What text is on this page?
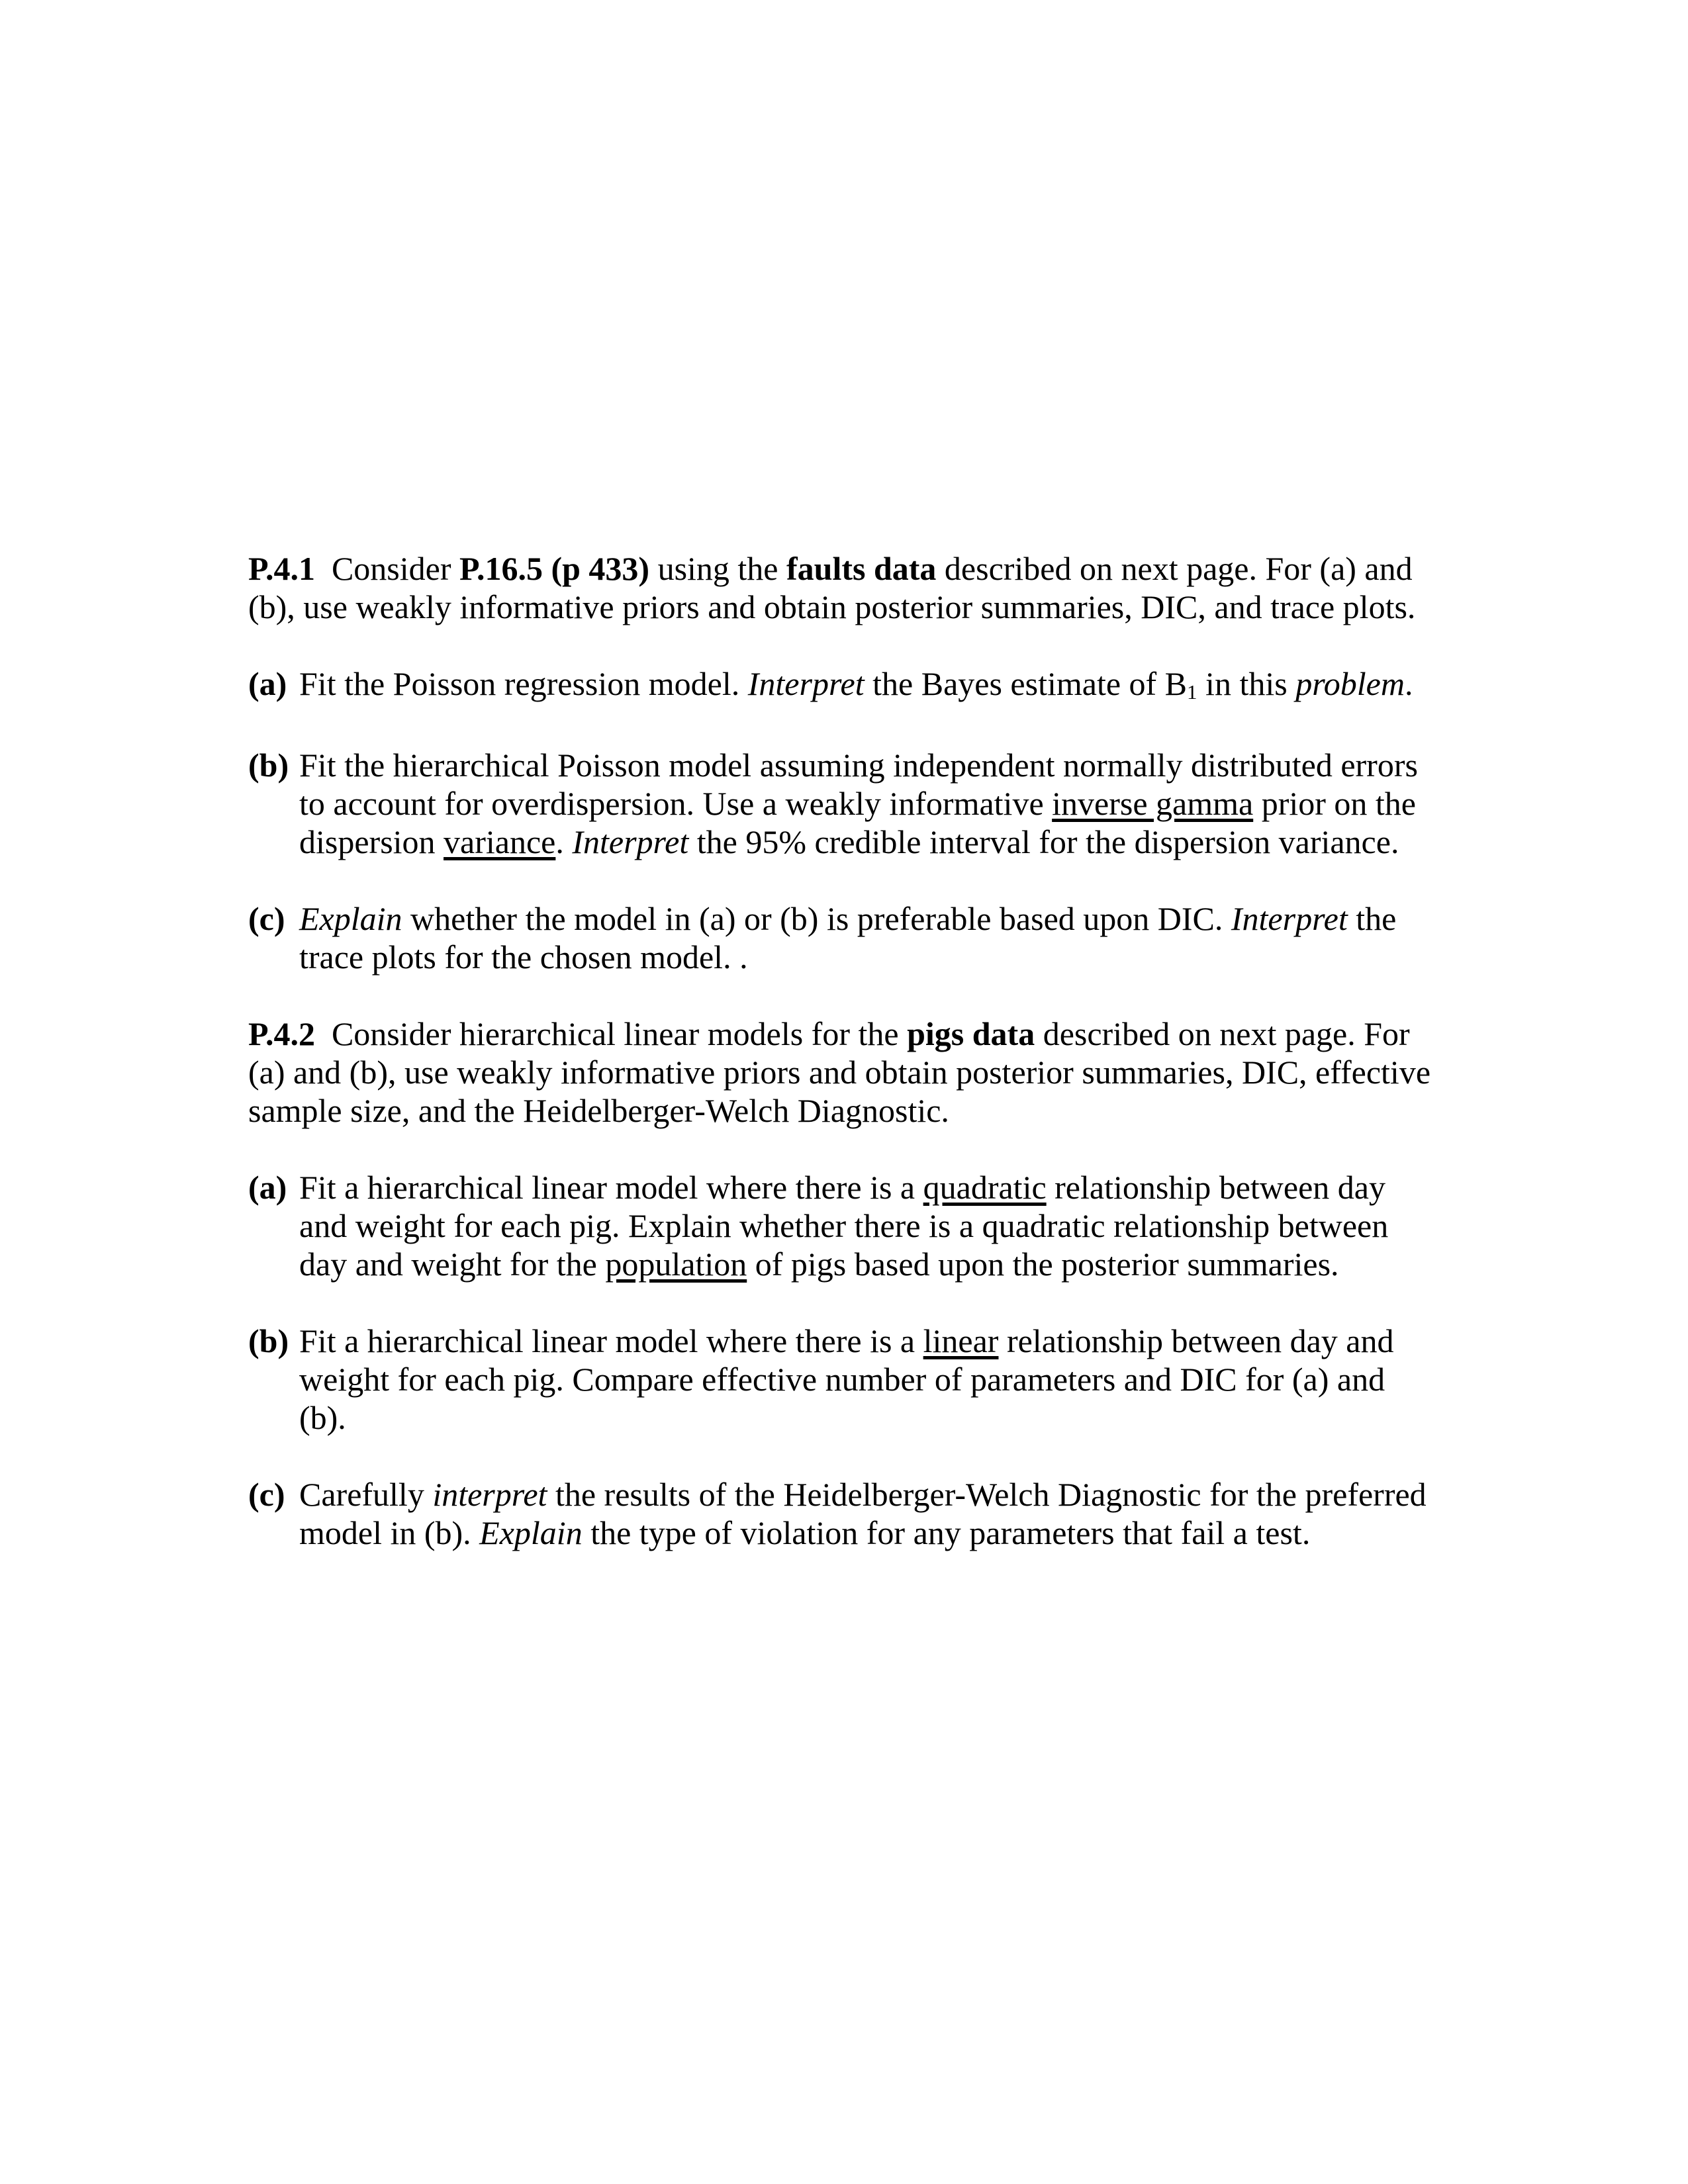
P.4.1  Consider P.16.5 (p 433) using the faults data described on next page. For (a) and (b), use weakly informative priors and obtain posterior summaries, DIC, and trace plots.

(a) Fit the Poisson regression model. Interpret the Bayes estimate of B1 in this problem.

(b) Fit the hierarchical Poisson model assuming independent normally distributed errors to account for overdispersion. Use a weakly informative inverse gamma prior on the dispersion variance. Interpret the 95% credible interval for the dispersion variance.

(c) Explain whether the model in (a) or (b) is preferable based upon DIC. Interpret the trace plots for the chosen model. .

P.4.2  Consider hierarchical linear models for the pigs data described on next page. For (a) and (b), use weakly informative priors and obtain posterior summaries, DIC, effective sample size, and the Heidelberger-Welch Diagnostic.

(a) Fit a hierarchical linear model where there is a quadratic relationship between day and weight for each pig. Explain whether there is a quadratic relationship between day and weight for the population of pigs based upon the posterior summaries.

(b) Fit a hierarchical linear model where there is a linear relationship between day and weight for each pig. Compare effective number of parameters and DIC for (a) and (b).

(c) Carefully interpret the results of the Heidelberger-Welch Diagnostic for the preferred model in (b). Explain the type of violation for any parameters that fail a test.
